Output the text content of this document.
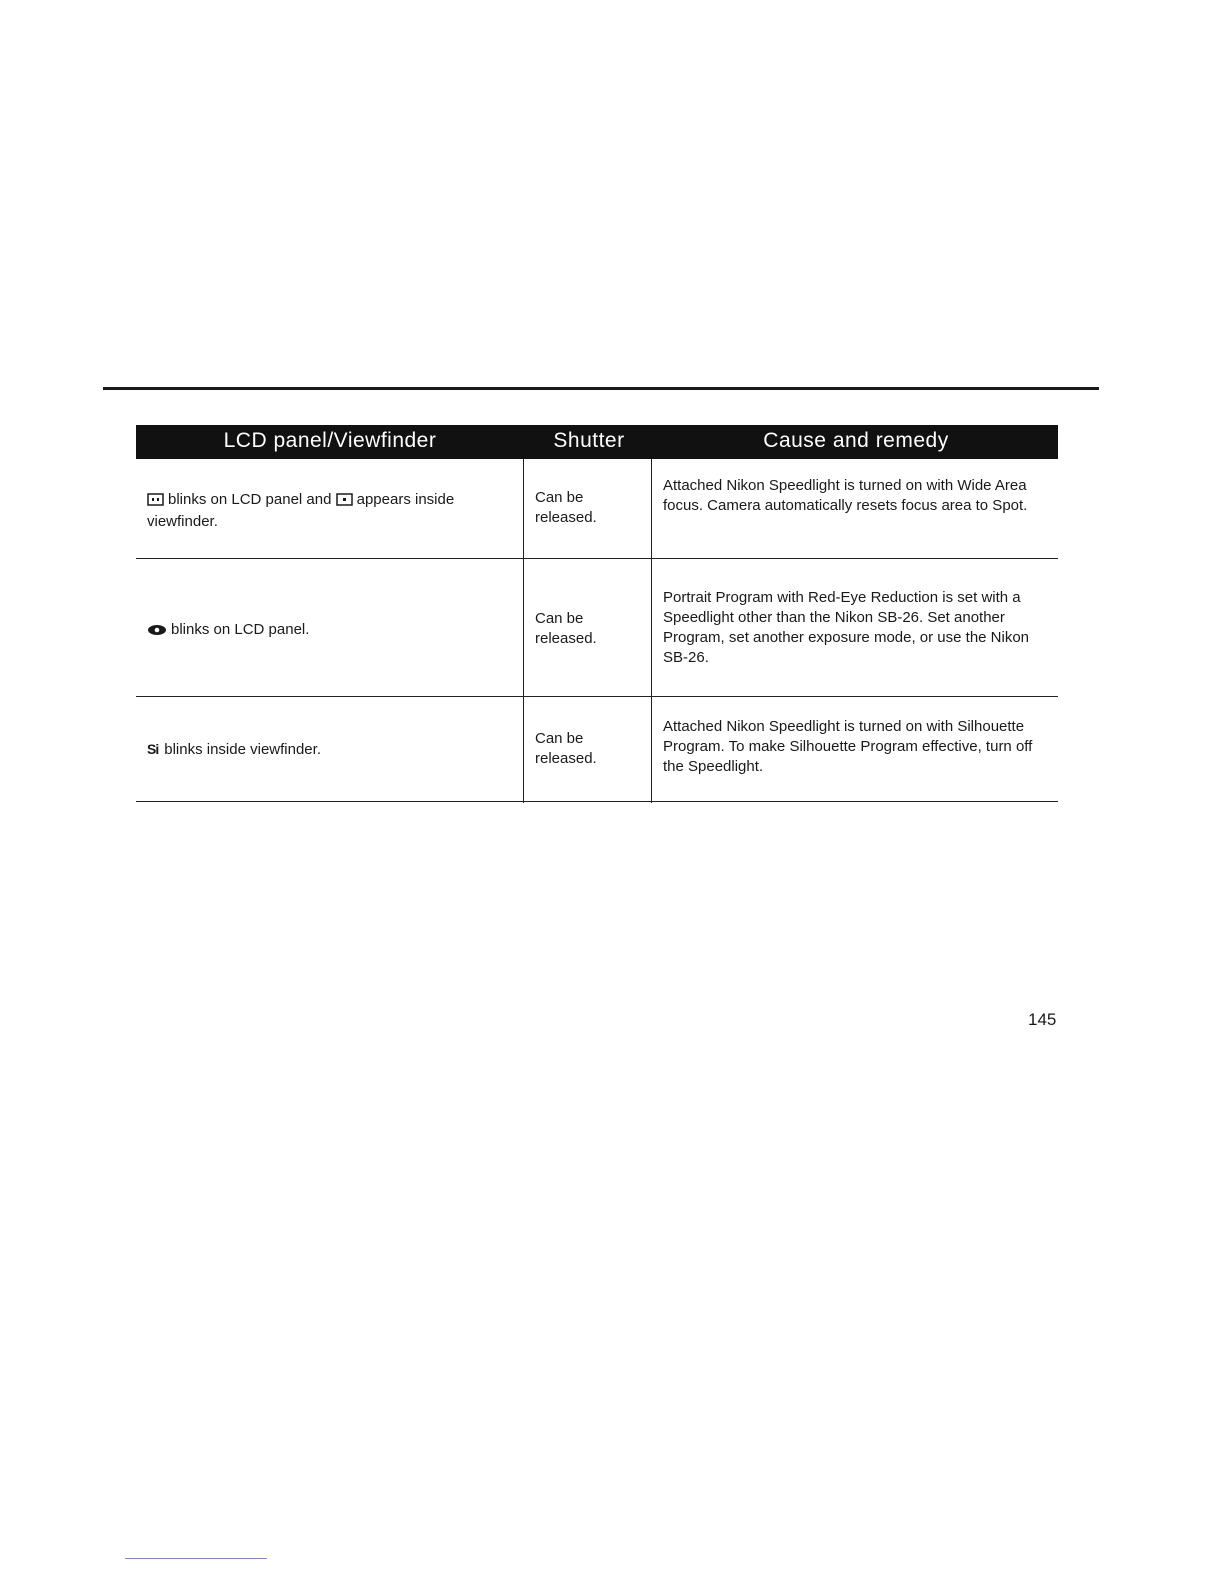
LCD panel/Viewfinder	Shutter	Cause and remedy
blinks on LCD panel and appears inside
viewfinder.
Can be
released.
Attached Nikon Speedlight is turned on with Wide Area focus. Camera automatically resets focus area to Spot.
blinks on LCD panel.
Can be
released.
Portrait Program with Red-Eye Reduction is set with a Speedlight other than the Nikon SB-26. Set another Program, set another exposure mode, or use the Nikon SB-26.
Si blinks inside viewfinder.
Can be
released.
Attached Nikon Speedlight is turned on with Silhouette Program. To make Silhouette Program effective, turn off the Speedlight.
145
